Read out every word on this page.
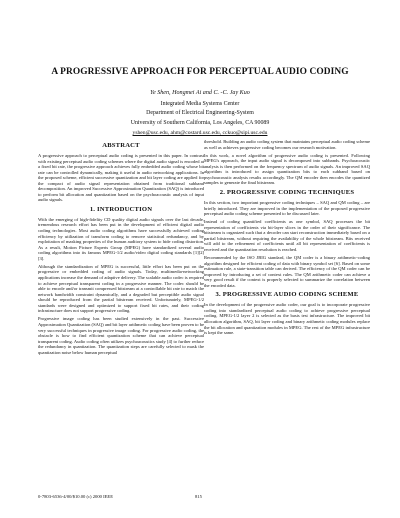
A PROGRESSIVE APPROACH FOR PERCEPTUAL AUDIO CODING
Ye Shen, Hongmei Ai and C. -C. Jay Kuo
Integrated Media Systems Center
Department of Electrical Engineering-System
University of Southern California, Los Angeles, CA 90089
yshen@usc.edu, ahm@costard.usc.edu, cckuo@sipi.usc.edu
ABSTRACT

A progressive approach to perceptual audio coding is presented in this paper. In contrast with existing perceptual audio coding schemes where the digital audio signal is encoded at a fixed bit rate, the progressive approach achieves fully embedded audio coding whose bit rate can be controlled dynamically, making it useful in audio networking applications. In the proposed scheme, efficient successive quantization and bit layer coding are applied for the compact of audio signal representation obtained from traditional subband decomposition. An improved Successive Approximation Quantization (SAQ) is introduced to perform bit allocation and quantization based on the psychoacoustic analysis of input audio signals.

1. INTRODUCTION

With the emerging of high-fidelity CD quality digital audio signals over the last decade, tremendous research effort has been put in the development of efficient digital audio coding technologies. Most audio coding algorithms have successfully achieved coding efficiency by utilization of transform coding to remove statistical redundancy, and by exploitation of masking properties of the human auditory system to hide coding distortion. As a result, Motion Picture Experts Group (MPEG) have standardized several audio coding algorithms into its famous MPEG-1/2 audio/video digital coding standards [1][2][3].

Although the standardization of MPEG is successful, little effort has been put on the progressive or embedded coding of audio signals. Today, multimedia-networking applications increase the demand of adaptive delivery. The scalable audio codec is required to achieve perceptual transparent coding in a progressive manner. The codec should be able to encode and/or transmit compressed bitstream at a controllable bit rate to match the network bandwidth constraint dynamically, and a degraded but perceptible audio signal should be reproduced from the partial bitstream received. Unfortunately, MPEG-1/2 standards were designed and optimized to support fixed bit rates, and their coding infrastructure does not support progressive coding.

Progressive image coding has been studied extensively in the past. Successive Approximation Quantization (SAQ) and bit layer arithmetic coding have been proven to be very successful techniques in progressive image coding. For progressive audio coding, the obstacle is how to find efficient quantization scheme that can achieve perceptual transparent coding. Audio coding often utilizes psychoacoustics study [4] to further reduce the redundancy in quantization. The quantization steps are carefully selected to mask the quantization noise below human perceptual

threshold. Building an audio coding system that maintains perceptual audio coding scheme as well as achieves progressive coding becomes our research motivation.

In this work, a novel algorithm of progressive audio coding is presented. Following MPEG's approach, the input audio signal is decomposed into subbands. Psychoacoustic analysis is then performed on the frequency spectrum of audio signals. An improved SAQ algorithm is introduced to assign quantization bits to each subband based on psychoacoustic analysis results accordingly. The QM encoder then encodes the quantized samples to generate the final bitstream.

2. PROGRESSIVE CODING TECHNIQUES

In this section, two important progressive coding techniques – SAQ and QM coding – are briefly introduced. They are improved in the implementation of the proposed progressive perceptual audio coding scheme presented to be discussed later.

Instead of coding quantified coefficients as one symbol, SAQ processes the bit representation of coefficients via bit-layer slices in the order of their significance. The bitstream is organized such that a decoder can start reconstruction immediately based on a partial bitstream, without requiring the availability of the whole bitstream. Bits received will add to the refinement of coefficients until all bit representation of coefficients is received and the quantization resolution is reached.

Recommended by the ISO JBIG standard, the QM coder is a binary arithmetic-coding algorithm designed for efficient coding of data with binary symbol set [6]. Based on some estimation rule, a state-transition table can derived. The efficiency of the QM coder can be improved by introducing a set of context rules. The QM arithmetic coder can achieve a very good result if the context is properly selected to summarize the correlation between the encoded data.

3. PROGRESSIVE AUDIO CODING SCHEME

In the development of the progressive audio coder, our goal is to incorporate progressive coding into standardized perceptual audio coding to achieve progressive perceptual coding. MPEG-1/2 layer 2 is selected as the basis test infrastructure. The improved bit allocation algorithm, SAQ, bit layer coding and binary arithmetic coding modules replace the bit allocation and quantization modules in MPEG. The rest of the MPEG infrastructure is kept the same.

0-7803-6536-4/00/$10.00 (c) 2000 IEEE	815
